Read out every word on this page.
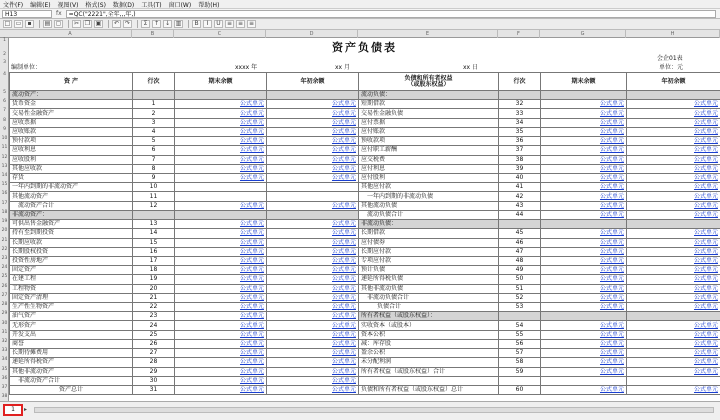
文件(F) 编辑(E) 视图(V) 格式(S) 数据(D) 工具(T) 窗口(W) 帮助(H)
H13	fx	=QC("2221",全年,,,年,)
□ ▭	▪	▤ ▢	✂ ❐ ▣	↶ ↷	Σ	↑ ↓ ▥	B	I	U	≡ ≡ ≡
A	B	C	D	E	F	G	H
1
2
3
4
5
6
7
8
9
10
11
12
13
14
15
16
17
18
19
20
21
22
23
24
25
26
27
28
29
30
31
32
33
34
35
36
37
38
资产负债表
会企01表
编制单位：	xxxx 年	xx 月	xx 日	单位：元
资 产	行次	期末余额	年初余额	负债和所有者权益
（或股东权益）	行次	期末余额	年初余额
流动资产：				流动负债：			
货币资金	1	公式单元	公式单元	短期借款	32	公式单元	公式单元
交易性金融资产	2	公式单元	公式单元	交易性金融负债	33	公式单元	公式单元
应收票据	3	公式单元	公式单元	应付票据	34	公式单元	公式单元
应收账款	4	公式单元	公式单元	应付账款	35	公式单元	公式单元
预付款项	5	公式单元	公式单元	预收款项	36	公式单元	公式单元
应收利息	6	公式单元	公式单元	应付职工薪酬	37	公式单元	公式单元
应收股利	7	公式单元	公式单元	应交税费	38	公式单元	公式单元
其他应收款	8	公式单元	公式单元	应付利息	39	公式单元	公式单元
存货	9	公式单元	公式单元	应付股利	40	公式单元	公式单元
一年内到期的非流动资产	10			其他应付款	41	公式单元	公式单元
其他流动资产	11			一年内到期的非流动负债	42	公式单元	公式单元
流动资产合计	12	公式单元	公式单元	其他流动负债	43	公式单元	公式单元
非流动资产：				流动负债合计	44	公式单元	公式单元
可供出售金融资产	13	公式单元	公式单元	非流动负债：			
持有至到期投资	14	公式单元	公式单元	长期借款	45	公式单元	公式单元
长期应收款	15	公式单元	公式单元	应付债券	46	公式单元	公式单元
长期股权投资	16	公式单元	公式单元	长期应付款	47	公式单元	公式单元
投资性房地产	17	公式单元	公式单元	专项应付款	48	公式单元	公式单元
固定资产	18	公式单元	公式单元	预计负债	49	公式单元	公式单元
在建工程	19	公式单元	公式单元	递延所得税负债	50	公式单元	公式单元
工程物资	20	公式单元	公式单元	其他非流动负债	51	公式单元	公式单元
固定资产清理	21	公式单元	公式单元	非流动负债合计	52	公式单元	公式单元
生产性生物资产	22	公式单元	公式单元	负债合计	53	公式单元	公式单元
油气资产	23	公式单元	公式单元	所有者权益（或股东权益）：			
无形资产	24	公式单元	公式单元	实收资本（或股本）	54	公式单元	公式单元
开发支出	25	公式单元	公式单元	资本公积	55	公式单元	公式单元
商誉	26	公式单元	公式单元	减：库存股	56	公式单元	公式单元
长期待摊费用	27	公式单元	公式单元	盈余公积	57	公式单元	公式单元
递延所得税资产	28	公式单元	公式单元	未分配利润	58	公式单元	公式单元
其他非流动资产	29	公式单元	公式单元	所有者权益（或股东权益）合计	59	公式单元	公式单元
非流动资产合计	30	公式单元	公式单元				
资产总计	31	公式单元	公式单元	负债和所有者权益（或股东权益）总计	60	公式单元	公式单元
1	▸
